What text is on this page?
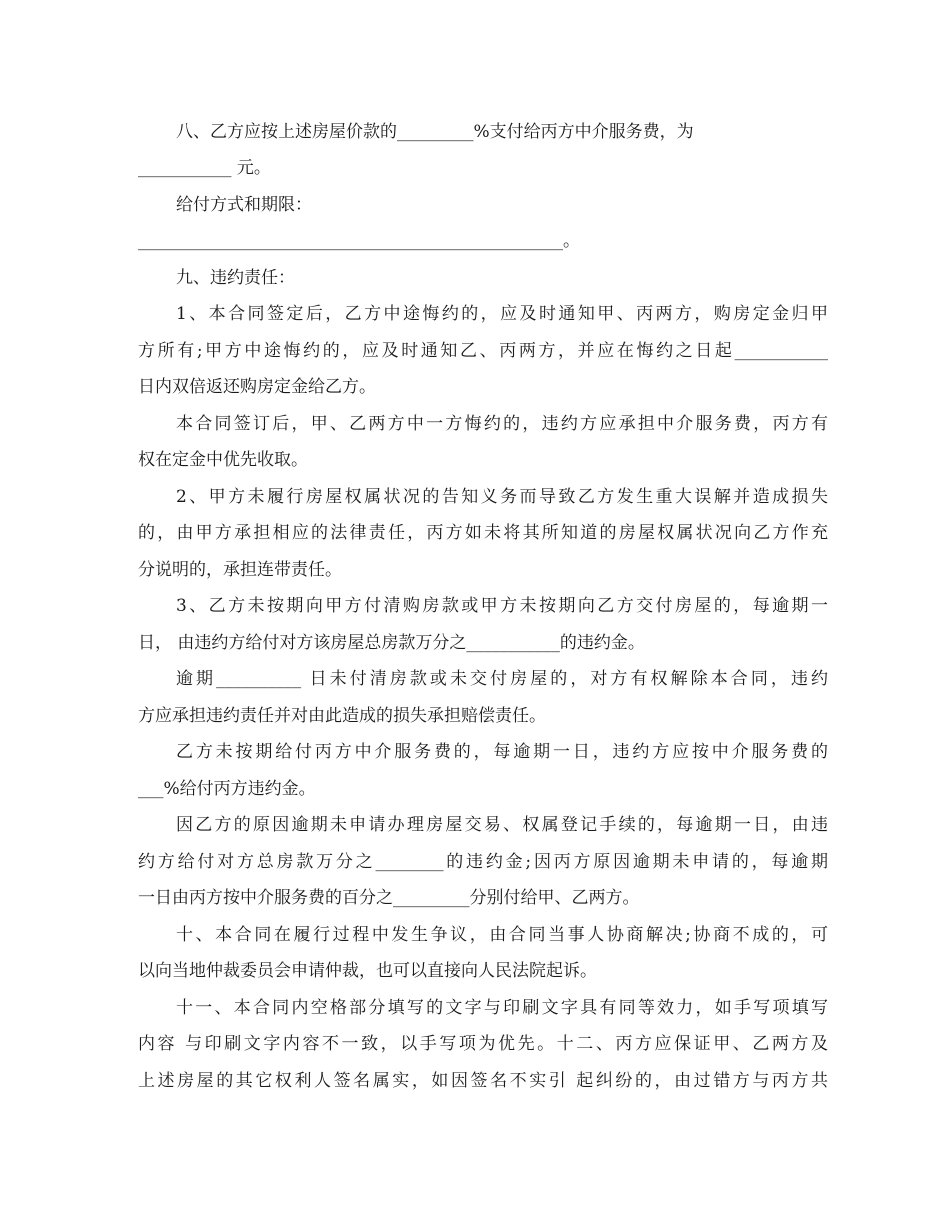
八、乙方应按上述房屋价款的_________%支付给丙方中介服务费，为
___________ 元。
给付方式和期限：
__________________________________________________。
九、违约责任：
1、本合同签定后，乙方中途悔约的，应及时通知甲、丙两方，购房定金归甲
方所有;甲方中途悔约的，应及时通知乙、丙两方，并应在悔约之日起___________
日内双倍返还购房定金给乙方。
本合同签订后，甲、乙两方中一方悔约的，违约方应承担中介服务费，丙方有
权在定金中优先收取。
2、甲方未履行房屋权属状况的告知义务而导致乙方发生重大误解并造成损失
的，由甲方承担相应的法律责任，丙方如未将其所知道的房屋权属状况向乙方作充
分说明的，承担连带责任。
3、乙方未按期向甲方付清购房款或甲方未按期向乙方交付房屋的，每逾期一
日， 由违约方给付对方该房屋总房款万分之___________的违约金。
逾期__________ 日未付清房款或未交付房屋的，对方有权解除本合同，违约
方应承担违约责任并对由此造成的损失承担赔偿责任。
乙方未按期给付丙方中介服务费的，每逾期一日，违约方应按中介服务费的
___%给付丙方违约金。
因乙方的原因逾期未申请办理房屋交易、权属登记手续的，每逾期一日，由违
约方给付对方总房款万分之________的违约金;因丙方原因逾期未申请的，每逾期
一日由丙方按中介服务费的百分之_________分别付给甲、乙两方。
十、本合同在履行过程中发生争议，由合同当事人协商解决;协商不成的，可
以向当地仲裁委员会申请仲裁，也可以直接向人民法院起诉。
十一、本合同内空格部分填写的文字与印刷文字具有同等效力，如手写项填写
内容 与印刷文字内容不一致，以手写项为优先。十二、丙方应保证甲、乙两方及
上述房屋的其它权利人签名属实，如因签名不实引 起纠纷的，由过错方与丙方共
